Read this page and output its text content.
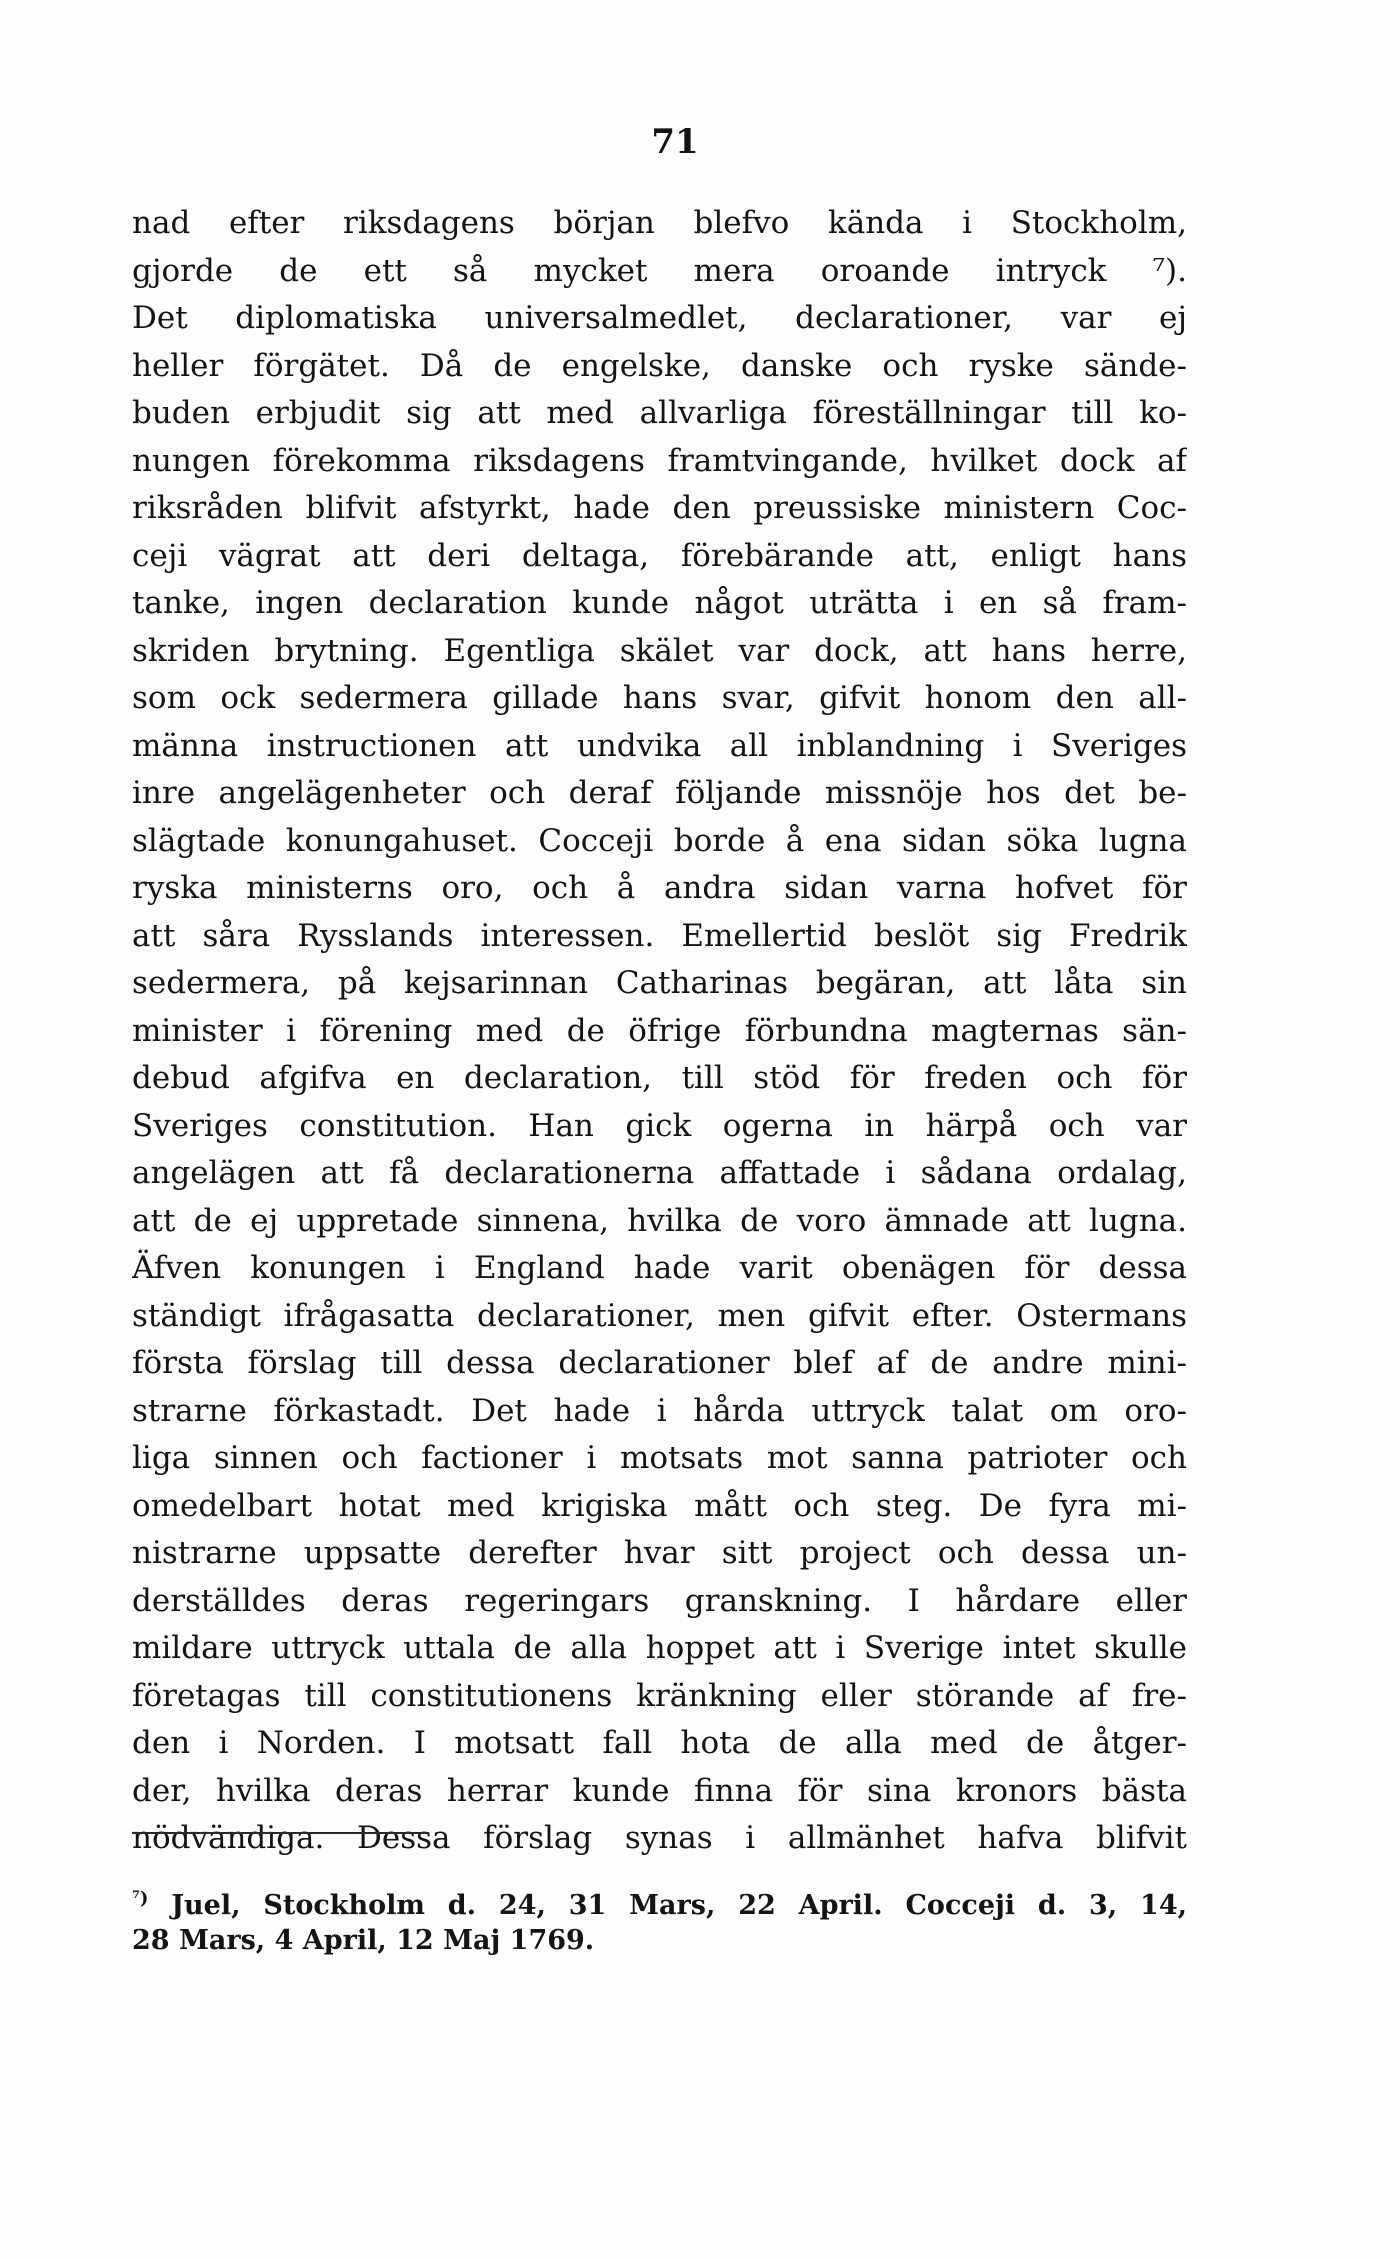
71
nad efter riksdagens början blefvo kända i Stockholm,
gjorde de ett så mycket mera oroande intryck ⁷).
Det diplomatiska universalmedlet, declarationer, var ej
heller förgätet. Då de engelske, danske och ryske sände-
buden erbjudit sig att med allvarliga föreställningar till ko-
nungen förekomma riksdagens framtvingande, hvilket dock af
riksråden blifvit afstyrkt, hade den preussiske ministern Coc-
ceji vägrat att deri deltaga, förebärande att, enligt hans
tanke, ingen declaration kunde något uträtta i en så fram-
skriden brytning. Egentliga skälet var dock, att hans herre,
som ock sedermera gillade hans svar, gifvit honom den all-
männa instructionen att undvika all inblandning i Sveriges
inre angelägenheter och deraf följande missnöje hos det be-
slägtade konungahuset. Cocceji borde å ena sidan söka lugna
ryska ministerns oro, och å andra sidan varna hofvet för
att såra Rysslands interessen. Emellertid beslöt sig Fredrik
sedermera, på kejsarinnan Catharinas begäran, att låta sin
minister i förening med de öfrige förbundna magternas sän-
debud afgifva en declaration, till stöd för freden och för
Sveriges constitution. Han gick ogerna in härpå och var
angelägen att få declarationerna affattade i sådana ordalag,
att de ej uppretade sinnena, hvilka de voro ämnade att lugna.
Äfven konungen i England hade varit obenägen för dessa
ständigt ifrågasatta declarationer, men gifvit efter. Ostermans
första förslag till dessa declarationer blef af de andre mini-
strarne förkastadt. Det hade i hårda uttryck talat om oro-
liga sinnen och factioner i motsats mot sanna patrioter och
omedelbart hotat med krigiska mått och steg. De fyra mi-
nistrarne uppsatte derefter hvar sitt project och dessa un-
derställdes deras regeringars granskning. I hårdare eller
mildare uttryck uttala de alla hoppet att i Sverige intet skulle
företagas till constitutionens kränkning eller störande af fre-
den i Norden. I motsatt fall hota de alla med de åtger-
der, hvilka deras herrar kunde finna för sina kronors bästa
nödvändiga. Dessa förslag synas i allmänhet hafva blifvit
$^{^7)}$ Juel, Stockholm d. 24, 31 Mars, 22 April. Cocceji d. 3, 14,
28 Mars, 4 April, 12 Maj 1769.
